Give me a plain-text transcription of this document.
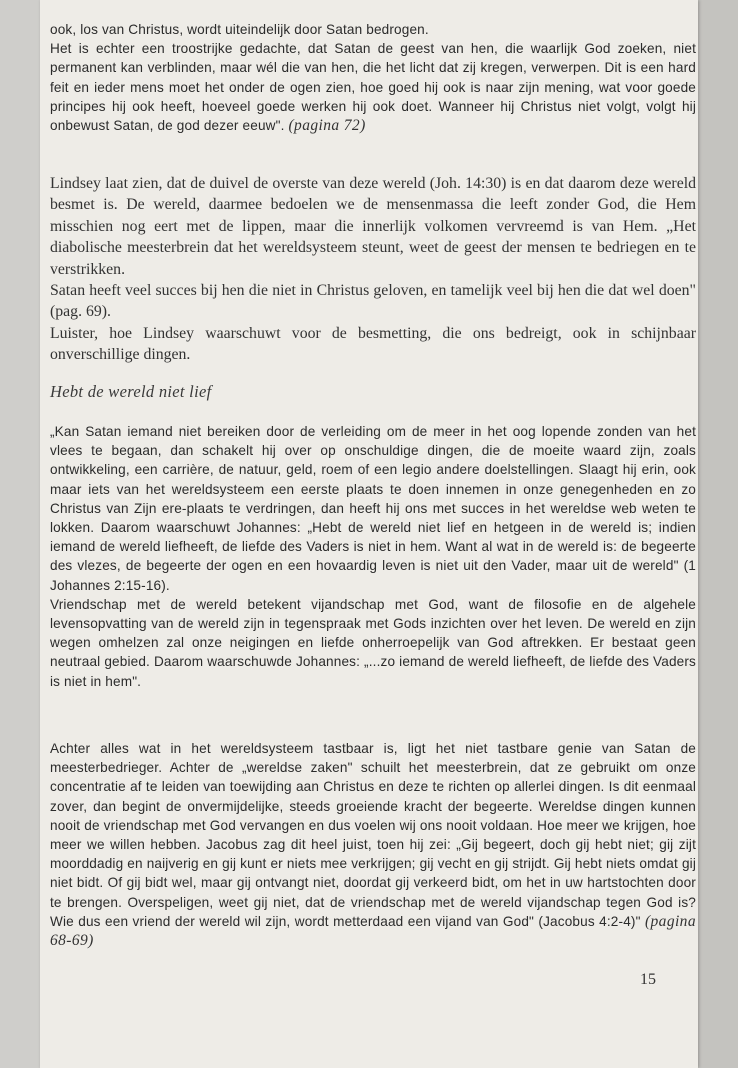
ook, los van Christus, wordt uiteindelijk door Satan bedrogen.

Het is echter een troostrijke gedachte, dat Satan de geest van hen, die waarlijk God zoeken, niet permanent kan verblinden, maar wél die van hen, die het licht dat zij kregen, verwerpen. Dit is een hard feit en ieder mens moet het onder de ogen zien, hoe goed hij ook is naar zijn mening, wat voor goede principes hij ook heeft, hoeveel goede werken hij ook doet. Wanneer hij Christus niet volgt, volgt hij onbewust Satan, de god dezer eeuw". (pagina 72)

Lindsey laat zien, dat de duivel de overste van deze wereld (Joh. 14:30) is en dat daarom deze wereld besmet is. De wereld, daarmee bedoelen we de mensenmassa die leeft zonder God, die Hem misschien nog eert met de lippen, maar die innerlijk volkomen vervreemd is van Hem. „Het diabolische meesterbrein dat het wereldsysteem steunt, weet de geest der mensen te bedriegen en te verstrikken.

Satan heeft veel succes bij hen die niet in Christus geloven, en tamelijk veel bij hen die dat wel doen" (pag. 69).

Luister, hoe Lindsey waarschuwt voor de besmetting, die ons bedreigt, ook in schijnbaar onverschillige dingen.

Hebt de wereld niet lief

„Kan Satan iemand niet bereiken door de verleiding om de meer in het oog lopende zonden van het vlees te begaan, dan schakelt hij over op onschuldige dingen, die de moeite waard zijn, zoals ontwikkeling, een carrière, de natuur, geld, roem of een legio andere doelstellingen. Slaagt hij erin, ook maar iets van het wereldsysteem een eerste plaats te doen innemen in onze genegenheden en zo Christus van Zijn ere-plaats te verdringen, dan heeft hij ons met succes in het wereldse web weten te lokken. Daarom waarschuwt Johannes: „Hebt de wereld niet lief en hetgeen in de wereld is; indien iemand de wereld liefheeft, de liefde des Vaders is niet in hem. Want al wat in de wereld is: de begeerte des vlezes, de begeerte der ogen en een hovaardig leven is niet uit den Vader, maar uit de wereld" (1 Johannes 2:15-16).

Vriendschap met de wereld betekent vijandschap met God, want de filosofie en de algehele levensopvatting van de wereld zijn in tegenspraak met Gods inzichten over het leven. De wereld en zijn wegen omhelzen zal onze neigingen en liefde onherroepelijk van God aftrekken. Er bestaat geen neutraal gebied. Daarom waarschuwde Johannes: „...zo iemand de wereld liefheeft, de liefde des Vaders is niet in hem".

Achter alles wat in het wereldsysteem tastbaar is, ligt het niet tastbare genie van Satan de meesterbedrieger. Achter de „wereldse zaken" schuilt het meesterbrein, dat ze gebruikt om onze concentratie af te leiden van toewijding aan Christus en deze te richten op allerlei dingen. Is dit eenmaal zover, dan begint de onvermijdelijke, steeds groeiende kracht der begeerte. Wereldse dingen kunnen nooit de vriendschap met God vervangen en dus voelen wij ons nooit voldaan. Hoe meer we krijgen, hoe meer we willen hebben. Jacobus zag dit heel juist, toen hij zei: „Gij begeert, doch gij hebt niet; gij zijt moorddadig en naijverig en gij kunt er niets mee verkrijgen; gij vecht en gij strijdt. Gij hebt niets omdat gij niet bidt. Of gij bidt wel, maar gij ontvangt niet, doordat gij verkeerd bidt, om het in uw hartstochten door te brengen. Overspeligen, weet gij niet, dat de vriendschap met de wereld vijandschap tegen God is? Wie dus een vriend der wereld wil zijn, wordt metterdaad een vijand van God" (Jacobus 4:2-4)" (pagina 68-69)

15
